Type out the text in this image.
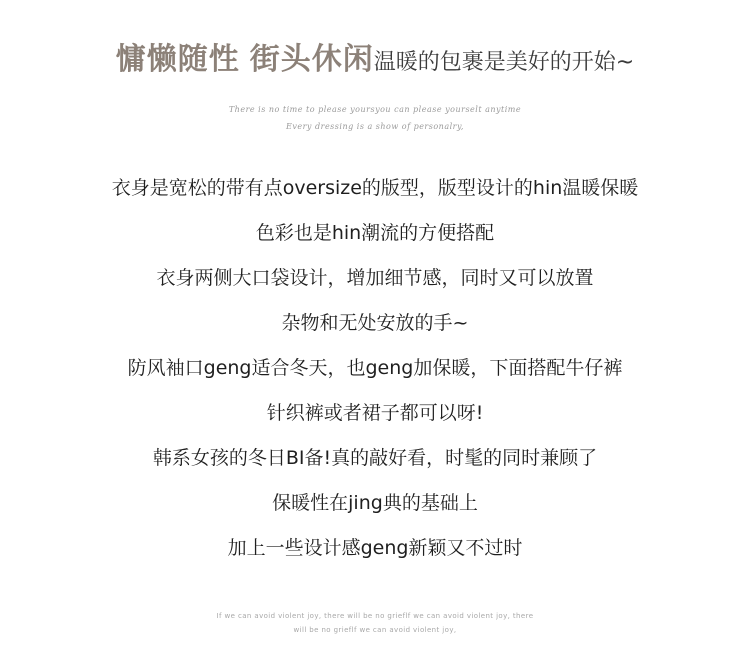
慵懒随性 街头休闲温暖的包裹是美好的开始~
There is no time to please yoursyou can please yourselt anytime
Every dressing is a show of personalry,
衣身是宽松的带有点oversize的版型，版型设计的hin温暖保暖
色彩也是hin潮流的方便搭配
衣身两侧大口袋设计，增加细节感，同时又可以放置
杂物和无处安放的手~
防风袖口geng适合冬天，也geng加保暖，下面搭配牛仔裤
针织裤或者裙子都可以呀!
韩系女孩的冬日BI备!真的敲好看，时髦的同时兼顾了
保暖性在jing典的基础上
加上一些设计感geng新颖又不过时
If we can avoid violent joy, there will be no grieflf we can avoid violent joy, there
will be no grieflf we can avoid violent joy,
